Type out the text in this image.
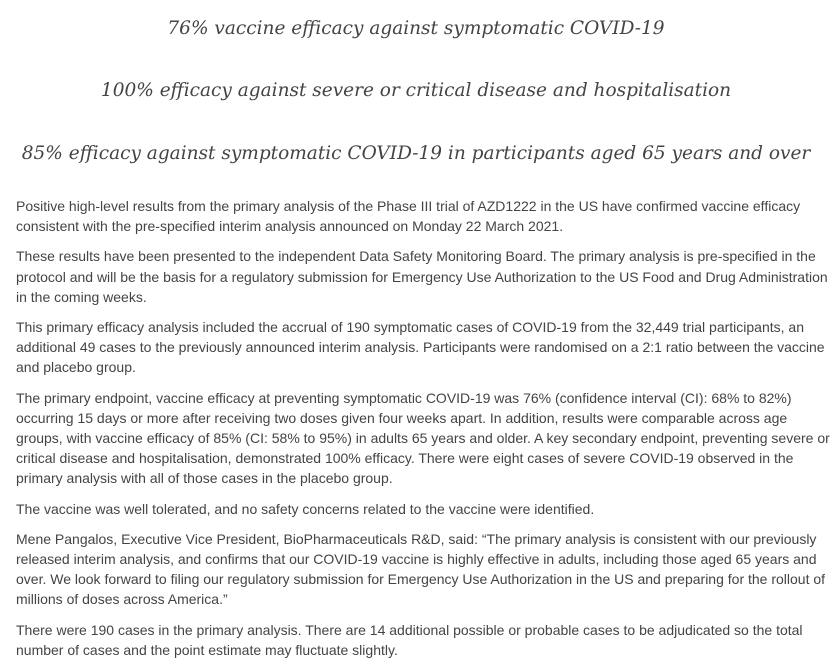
76% vaccine efficacy against symptomatic COVID-19
100% efficacy against severe or critical disease and hospitalisation
85% efficacy against symptomatic COVID-19 in participants aged 65 years and over

Positive high-level results from the primary analysis of the Phase III trial of AZD1222 in the US have confirmed vaccine efficacy consistent with the pre-specified interim analysis announced on Monday 22 March 2021.

These results have been presented to the independent Data Safety Monitoring Board. The primary analysis is pre-specified in the protocol and will be the basis for a regulatory submission for Emergency Use Authorization to the US Food and Drug Administration in the coming weeks.

This primary efficacy analysis included the accrual of 190 symptomatic cases of COVID-19 from the 32,449 trial participants, an additional 49 cases to the previously announced interim analysis. Participants were randomised on a 2:1 ratio between the vaccine and placebo group.

The primary endpoint, vaccine efficacy at preventing symptomatic COVID-19 was 76% (confidence interval (CI): 68% to 82%) occurring 15 days or more after receiving two doses given four weeks apart. In addition, results were comparable across age groups, with vaccine efficacy of 85% (CI: 58% to 95%) in adults 65 years and older. A key secondary endpoint, preventing severe or critical disease and hospitalisation, demonstrated 100% efficacy. There were eight cases of severe COVID-19 observed in the primary analysis with all of those cases in the placebo group.

The vaccine was well tolerated, and no safety concerns related to the vaccine were identified.

Mene Pangalos, Executive Vice President, BioPharmaceuticals R&D, said: “The primary analysis is consistent with our previously released interim analysis, and confirms that our COVID-19 vaccine is highly effective in adults, including those aged 65 years and over. We look forward to filing our regulatory submission for Emergency Use Authorization in the US and preparing for the rollout of millions of doses across America.”

There were 190 cases in the primary analysis. There are 14 additional possible or probable cases to be adjudicated so the total number of cases and the point estimate may fluctuate slightly.
